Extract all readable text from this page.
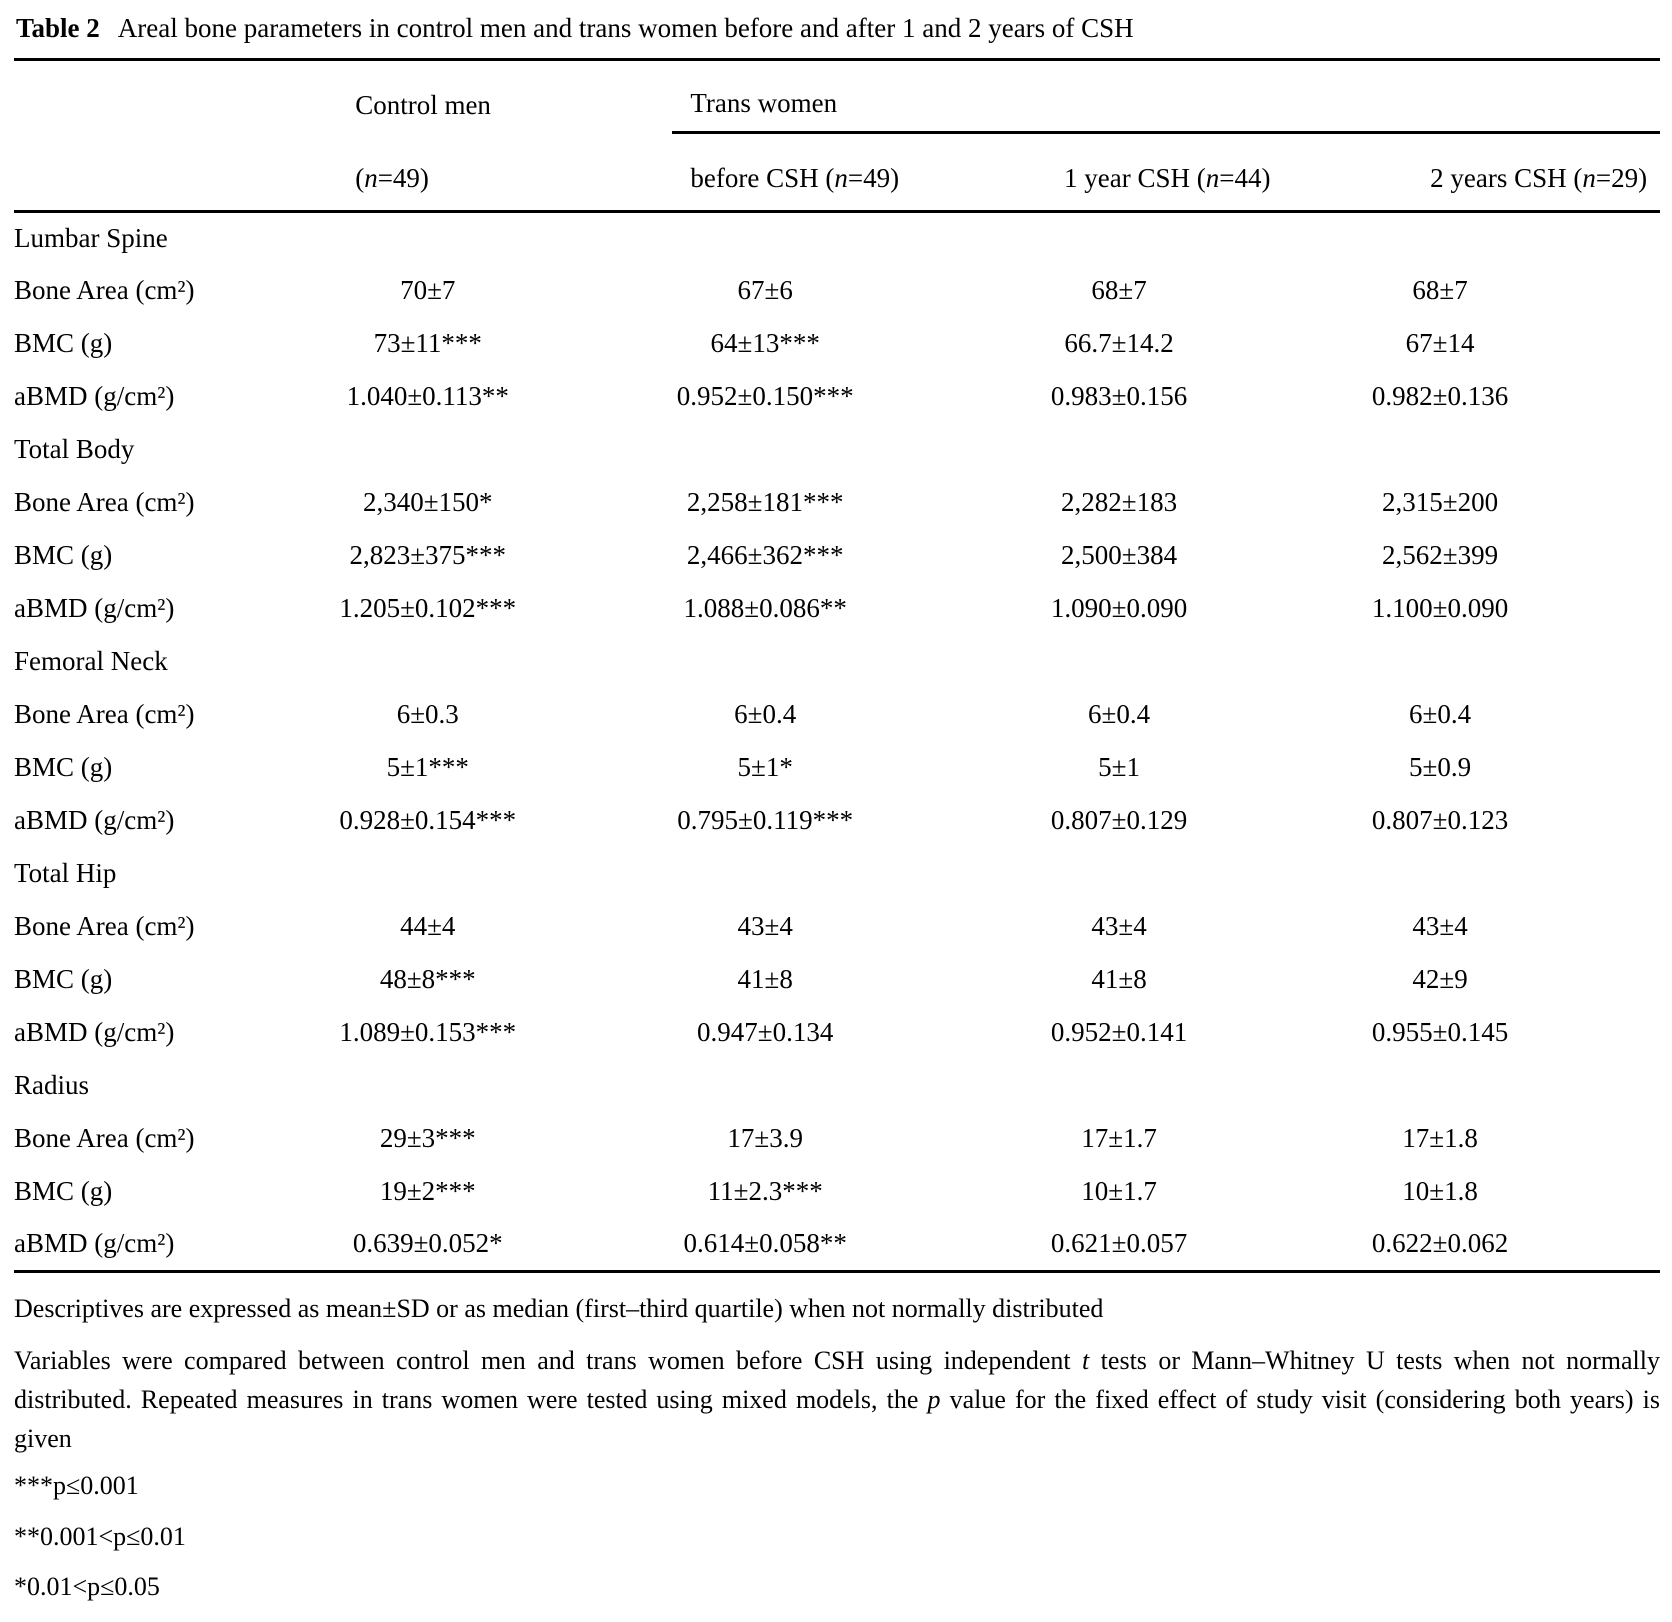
Table 2 Areal bone parameters in control men and trans women before and after 1 and 2 years of CSH
	Control men	Trans women		
	(n=49)	before CSH (n=49)	1 year CSH (n=44)	2 years CSH (n=29)
Lumbar Spine				
Bone Area (cm²)	70±7	67±6	68±7	68±7
BMC (g)	73±11***	64±13***	66.7±14.2	67±14
aBMD (g/cm²)	1.040±0.113**	0.952±0.150***	0.983±0.156	0.982±0.136
Total Body				
Bone Area (cm²)	2,340±150*	2,258±181***	2,282±183	2,315±200
BMC (g)	2,823±375***	2,466±362***	2,500±384	2,562±399
aBMD (g/cm²)	1.205±0.102***	1.088±0.086**	1.090±0.090	1.100±0.090
Femoral Neck				
Bone Area (cm²)	6±0.3	6±0.4	6±0.4	6±0.4
BMC (g)	5±1***	5±1*	5±1	5±0.9
aBMD (g/cm²)	0.928±0.154***	0.795±0.119***	0.807±0.129	0.807±0.123
Total Hip				
Bone Area (cm²)	44±4	43±4	43±4	43±4
BMC (g)	48±8***	41±8	41±8	42±9
aBMD (g/cm²)	1.089±0.153***	0.947±0.134	0.952±0.141	0.955±0.145
Radius				
Bone Area (cm²)	29±3***	17±3.9	17±1.7	17±1.8
BMC (g)	19±2***	11±2.3***	10±1.7	10±1.8
aBMD (g/cm²)	0.639±0.052*	0.614±0.058**	0.621±0.057	0.622±0.062

Descriptives are expressed as mean±SD or as median (first–third quartile) when not normally distributed

Variables were compared between control men and trans women before CSH using independent t tests or Mann–Whitney U tests when not normally distributed. Repeated measures in trans women were tested using mixed models, the p value for the fixed effect of study visit (considering both years) is given

***p≤0.001

**0.001<p≤0.01

*0.01<p≤0.05
